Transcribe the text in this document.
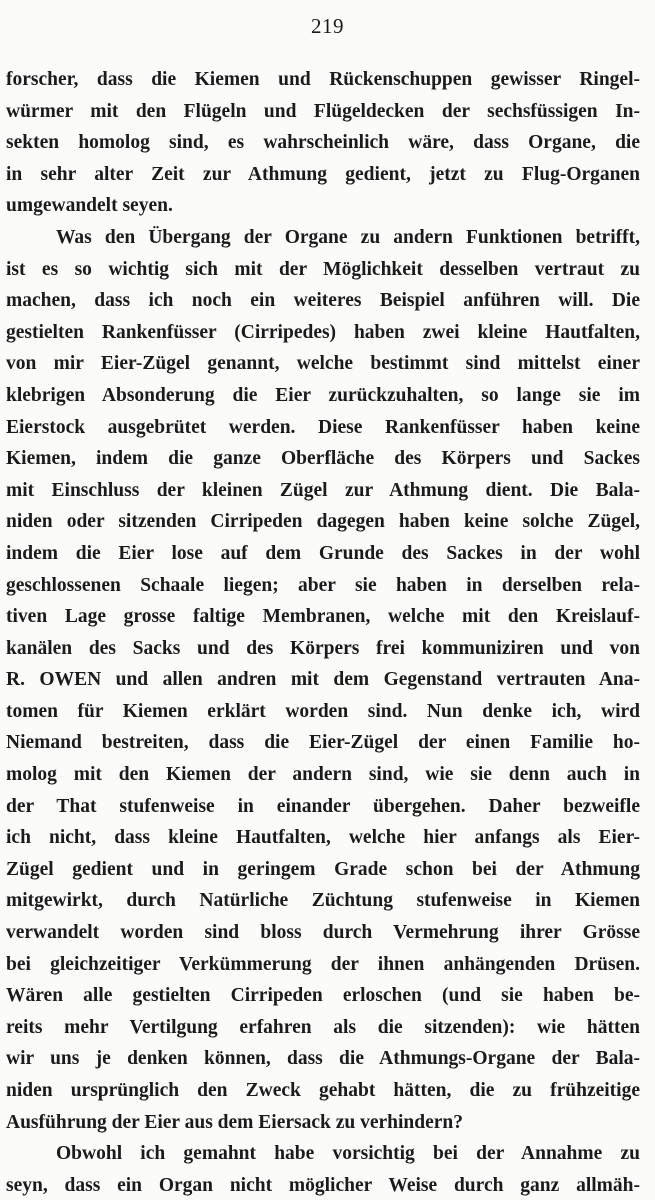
219
forscher, dass die Kiemen und Rückenschuppen gewisser Ringel-
würmer mit den Flügeln und Flügeldecken der sechsfüssigen In-
sekten homolog sind, es wahrscheinlich wäre, dass Organe, die
in sehr alter Zeit zur Athmung gedient, jetzt zu Flug-Organen
umgewandelt seyen.
Was den Übergang der Organe zu andern Funktionen betrifft,
ist es so wichtig sich mit der Möglichkeit desselben vertraut zu
machen, dass ich noch ein weiteres Beispiel anführen will. Die
gestielten Rankenfüsser (Cirripedes) haben zwei kleine Hautfalten,
von mir Eier-Zügel genannt, welche bestimmt sind mittelst einer
klebrigen Absonderung die Eier zurückzuhalten, so lange sie im
Eierstock ausgebrütet werden. Diese Rankenfüsser haben keine
Kiemen, indem die ganze Oberfläche des Körpers und Sackes
mit Einschluss der kleinen Zügel zur Athmung dient. Die Bala-
niden oder sitzenden Cirripeden dagegen haben keine solche Zügel,
indem die Eier lose auf dem Grunde des Sackes in der wohl
geschlossenen Schaale liegen; aber sie haben in derselben rela-
tiven Lage grosse faltige Membranen, welche mit den Kreislauf-
kanälen des Sacks und des Körpers frei kommuniziren und von
R. OWEN und allen andren mit dem Gegenstand vertrauten Ana-
tomen für Kiemen erklärt worden sind. Nun denke ich, wird
Niemand bestreiten, dass die Eier-Zügel der einen Familie ho-
molog mit den Kiemen der andern sind, wie sie denn auch in
der That stufenweise in einander übergehen. Daher bezweifle
ich nicht, dass kleine Hautfalten, welche hier anfangs als Eier-
Zügel gedient und in geringem Grade schon bei der Athmung
mitgewirkt, durch Natürliche Züchtung stufenweise in Kiemen
verwandelt worden sind bloss durch Vermehrung ihrer Grösse
bei gleichzeitiger Verkümmerung der ihnen anhängenden Drüsen.
Wären alle gestielten Cirripeden erloschen (und sie haben be-
reits mehr Vertilgung erfahren als die sitzenden): wie hätten
wir uns je denken können, dass die Athmungs-Organe der Bala-
niden ursprünglich den Zweck gehabt hätten, die zu frühzeitige
Ausführung der Eier aus dem Eiersack zu verhindern?
Obwohl ich gemahnt habe vorsichtig bei der Annahme zu
seyn, dass ein Organ nicht möglicher Weise durch ganz allmäh-
